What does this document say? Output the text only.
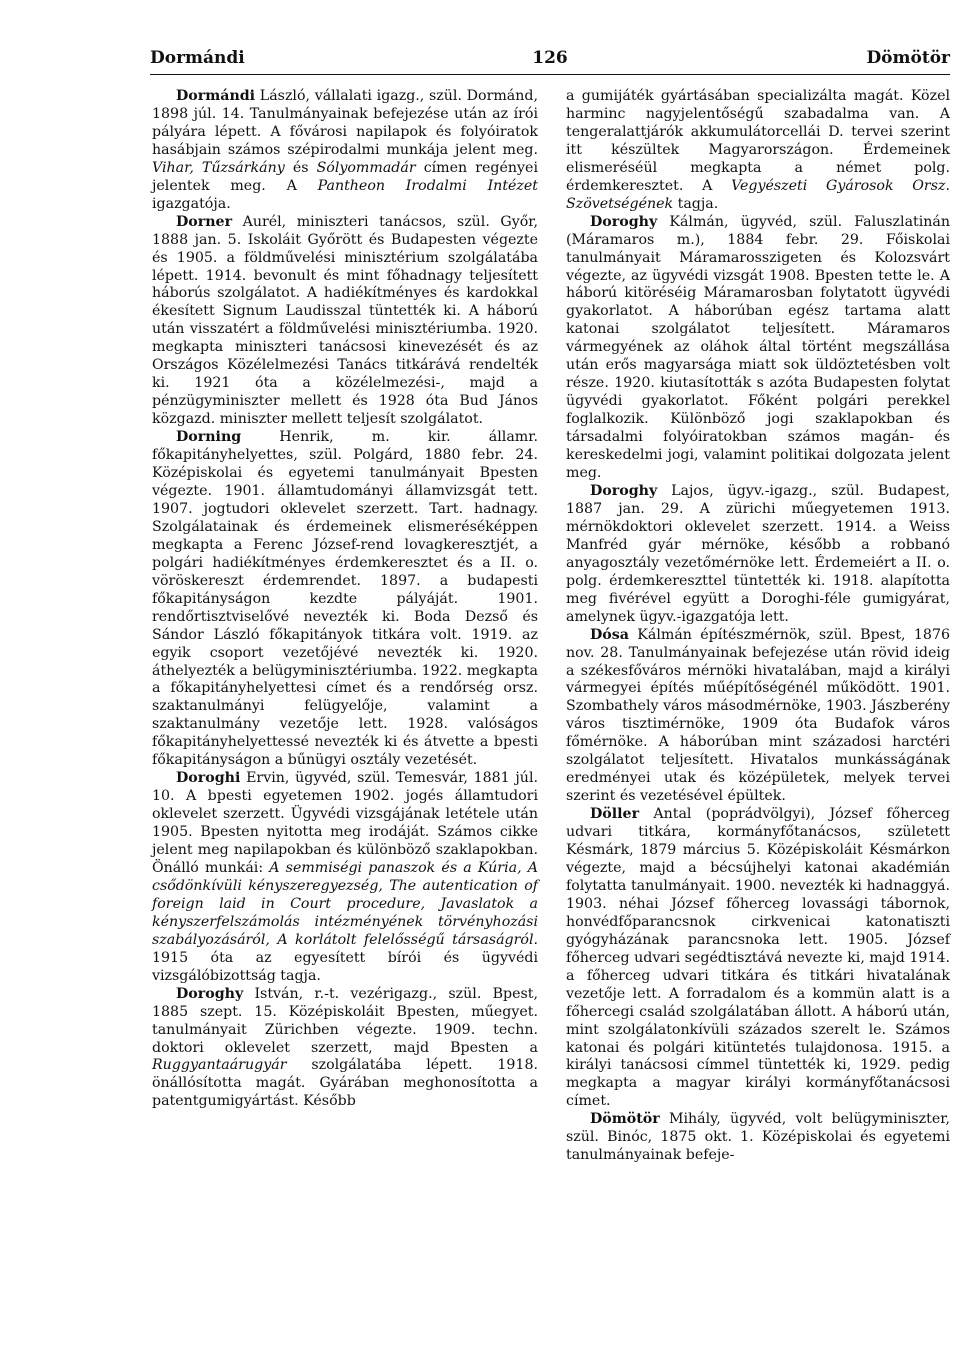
126
Dormándi	Dömötör

Dormándi László, vállalati igazg., szül. Dormánd, 1898 júl. 14. Tanulmányainak befejezése után az írói pályára lépett. A fővárosi napilapok és folyóiratok hasábjain számos szépirodalmi munkája jelent meg. Vihar, Tűzsárkány és Sólyommadár címen regényei jelentek meg. A Pantheon Irodalmi Intézet igazgatója.

Dorner Aurél, miniszteri tanácsos, szül. Győr, 1888 jan. 5. Iskoláit Győrött és Budapesten végezte és 1905. a földművelési minisztérium szolgálatába lépett. 1914. bevonult és mint főhadnagy teljesített háborús szolgálatot. A hadiékítményes és kardokkal ékesített Signum Laudisszal tüntették ki. A háború után visszatért a földművelési minisztériumba. 1920. megkapta miniszteri tanácsosi kinevezését és az Országos Közélelmezési Tanács titkárává rendelték ki. 1921 óta a közélelmezési-, majd a pénzügyminiszter mellett és 1928 óta Bud János közgazd. miniszter mellett teljesít szolgálatot.

Dorning Henrik, m. kir. államr. főkapitányhelyettes, szül. Polgárd, 1880 febr. 24. Középiskolai és egyetemi tanulmányait Bpesten végezte. 1901. államtudományi államvizsgát tett. 1907. jogtudori oklevelet szerzett. Tart. hadnagy. Szolgálatainak és érdemeinek elismeréséképpen megkapta a Ferenc József-rend lovagkeresztjét, a polgári hadiékítményes érdemkeresztet és a II. o. vöröskereszt érdemrendet. 1897. a budapesti főkapitányságon kezdte pályáját. 1901. rendőrtisztviselővé nevezték ki. Boda Dezső és Sándor László főkapitányok titkára volt. 1919. az egyik csoport vezetőjévé nevezték ki. 1920. áthelyezték a belügyminisztériumba. 1922. megkapta a főkapitányhelyettesi címet és a rendőrség orsz. szaktanulmányi felügyelője, valamint a szaktanulmány vezetője lett. 1928. valóságos főkapitányhelyettessé nevezték ki és átvette a bpesti főkapitányságon a bűnügyi osztály vezetését.

Doroghi Ervin, ügyvéd, szül. Temesvár, 1881 júl. 10. A bpesti egyetemen 1902. jogés államtudori oklevelet szerzett. Ügyvédi vizsgájának letétele után 1905. Bpesten nyitotta meg irodáját. Számos cikke jelent meg napilapokban és különböző szaklapokban. Önálló munkái: A semmiségi panaszok és a Kúria, A csődönkívüli kényszeregyezség, The autentication of foreign laid in Court procedure, Javaslatok a kényszerfelszámolás intézményének törvényhozási szabályozásáról, A korlátolt felelősségű társaságról. 1915 óta az egyesített bírói és ügyvédi vizsgálóbizottság tagja.

Doroghy István, r.-t. vezérigazg., szül. Bpest, 1885 szept. 15. Középiskoláit Bpesten, műegyet. tanulmányait Zürichben végezte. 1909. techn. doktori oklevelet szerzett, majd Bpesten a Ruggyantaárugyár szolgálatába lépett. 1918. önállósította magát. Gyárában meghonosította a patentgumigyártást. Később

a gumijáték gyártásában specializálta magát. Közel harminc nagyjelentőségű szabadalma van. A tengeralattjárók akkumulátorcellái D. tervei szerint itt készültek Magyarországon. Érdemeinek elismeréséül megkapta a német polg. érdemkeresztet. A Vegyészeti Gyárosok Orsz. Szövetségének tagja.

Doroghy Kálmán, ügyvéd, szül. Faluszlatinán (Máramaros m.), 1884 febr. 29. Főiskolai tanulmányait Máramarosszigeten és Kolozsvárt végezte, az ügyvédi vizsgát 1908. Bpesten tette le. A háború kitöréséig Máramarosban folytatott ügyvédi gyakorlatot. A háborúban egész tartama alatt katonai szolgálatot teljesített. Máramaros vármegyének az oláhok által történt megszállása után erős magyarsága miatt sok üldöztetésben volt része. 1920. kiutasították s azóta Budapesten folytat ügyvédi gyakorlatot. Főként polgári perekkel foglalkozik. Különböző jogi szaklapokban és társadalmi folyóiratokban számos magán- és kereskedelmi jogi, valamint politikai dolgozata jelent meg.

Doroghy Lajos, ügyv.-igazg., szül. Budapest, 1887 jan. 29. A zürichi műegyetemen 1913. mérnökdoktori oklevelet szerzett. 1914. a Weiss Manfréd gyár mérnöke, később a robbanó anyagosztály vezetőmérnöke lett. Érdemeiért a II. o. polg. érdemkereszttel tüntették ki. 1918. alapította meg fivérével együtt a Doroghi-féle gumigyárat, amelynek ügyv.-igazgatója lett.

Dósa Kálmán építészmérnök, szül. Bpest, 1876 nov. 28. Tanulmányainak befejezése után rövid ideig a székesfőváros mérnöki hivatalában, majd a királyi vármegyei építés műépítőségénél működött. 1901. Szombathely város másodmérnöke, 1903. Jászberény város tisztimérnöke, 1909 óta Budafok város főmérnöke. A háborúban mint századosi harctéri szolgálatot teljesített. Hivatalos munkásságának eredményei utak és középületek, melyek tervei szerint és vezetésével épültek.

Döller Antal (poprádvölgyi), József főherceg udvari titkára, kormányfőtanácsos, született Késmárk, 1879 március 5. Középiskoláit Késmárkon végezte, majd a bécsújhelyi katonai akadémián folytatta tanulmányait. 1900. nevezték ki hadnaggyá. 1903. néhai József főherceg lovassági tábornok, honvédfőparancsnok cirkvenicai katonatiszti gyógyházának parancsnoka lett. 1905. József főherceg udvari segédtisztává nevezte ki, majd 1914. a főherceg udvari titkára és titkári hivatalának vezetője lett. A forradalom és a kommün alatt is a főhercegi család szolgálatában állott. A háború után, mint szolgálatonkívüli százados szerelt le. Számos katonai és polgári kitüntetés tulajdonosa. 1915. a királyi tanácsosi címmel tüntették ki, 1929. pedig megkapta a magyar királyi kormányfőtanácsosi címet.

Dömötör Mihály, ügyvéd, volt belügyminiszter, szül. Binóc, 1875 okt. 1. Középiskolai és egyetemi tanulmányainak befeje-
